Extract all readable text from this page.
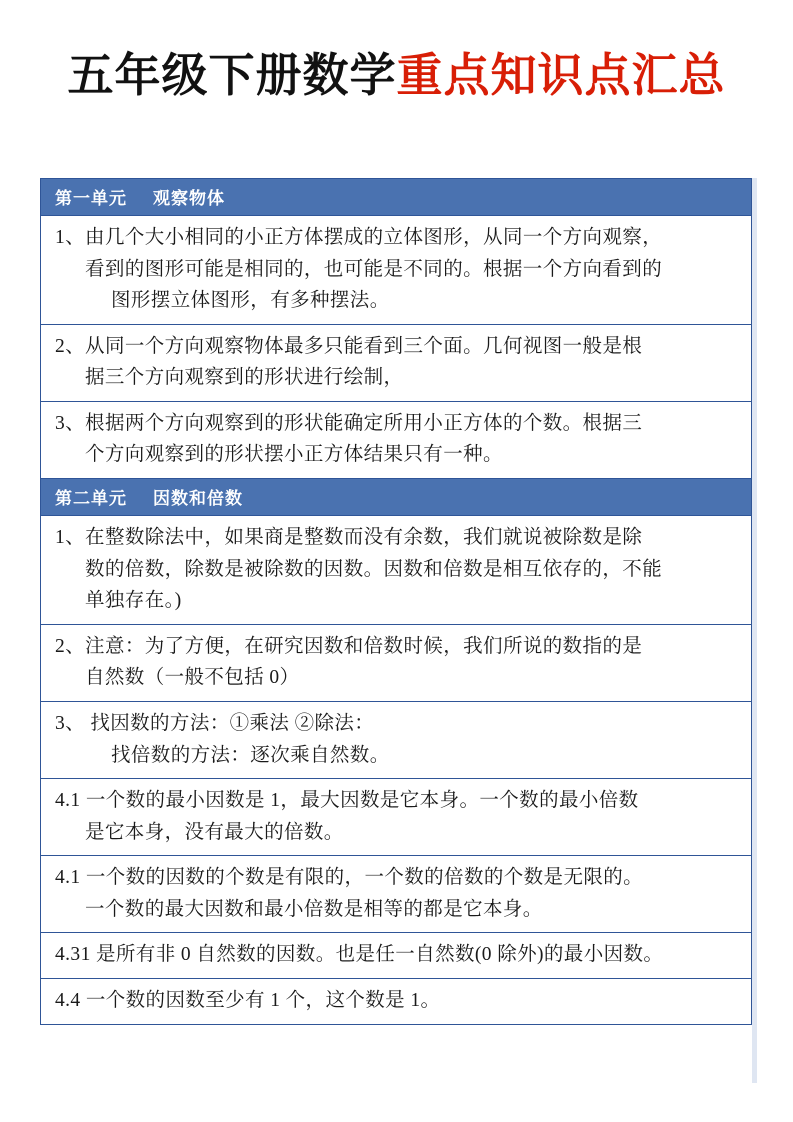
五年级下册数学重点知识点汇总
第一单元 观察物体
1、由几个大小相同的小正方体摆成的立体图形，从同一个方向观察，
看到的图形可能是相同的，也可能是不同的。根据一个方向看到的
图形摆立体图形，有多种摆法。
2、从同一个方向观察物体最多只能看到三个面。几何视图一般是根
据三个方向观察到的形状进行绘制，
3、根据两个方向观察到的形状能确定所用小正方体的个数。根据三
个方向观察到的形状摆小正方体结果只有一种。
第二单元 因数和倍数
1、在整数除法中，如果商是整数而没有余数，我们就说被除数是除
数的倍数，除数是被除数的因数。因数和倍数是相互依存的，不能
单独存在。)
2、注意：为了方便，在研究因数和倍数时候，我们所说的数指的是
自然数（一般不包括 0）
3、 找因数的方法：①乘法 ②除法：
找倍数的方法：逐次乘自然数。
4.1 一个数的最小因数是 1，最大因数是它本身。一个数的最小倍数
是它本身，没有最大的倍数。
4.1 一个数的因数的个数是有限的，一个数的倍数的个数是无限的。
一个数的最大因数和最小倍数是相等的都是它本身。
4.31 是所有非 0 自然数的因数。也是任一自然数(0 除外)的最小因数。
4.4 一个数的因数至少有 1 个，这个数是 1。
